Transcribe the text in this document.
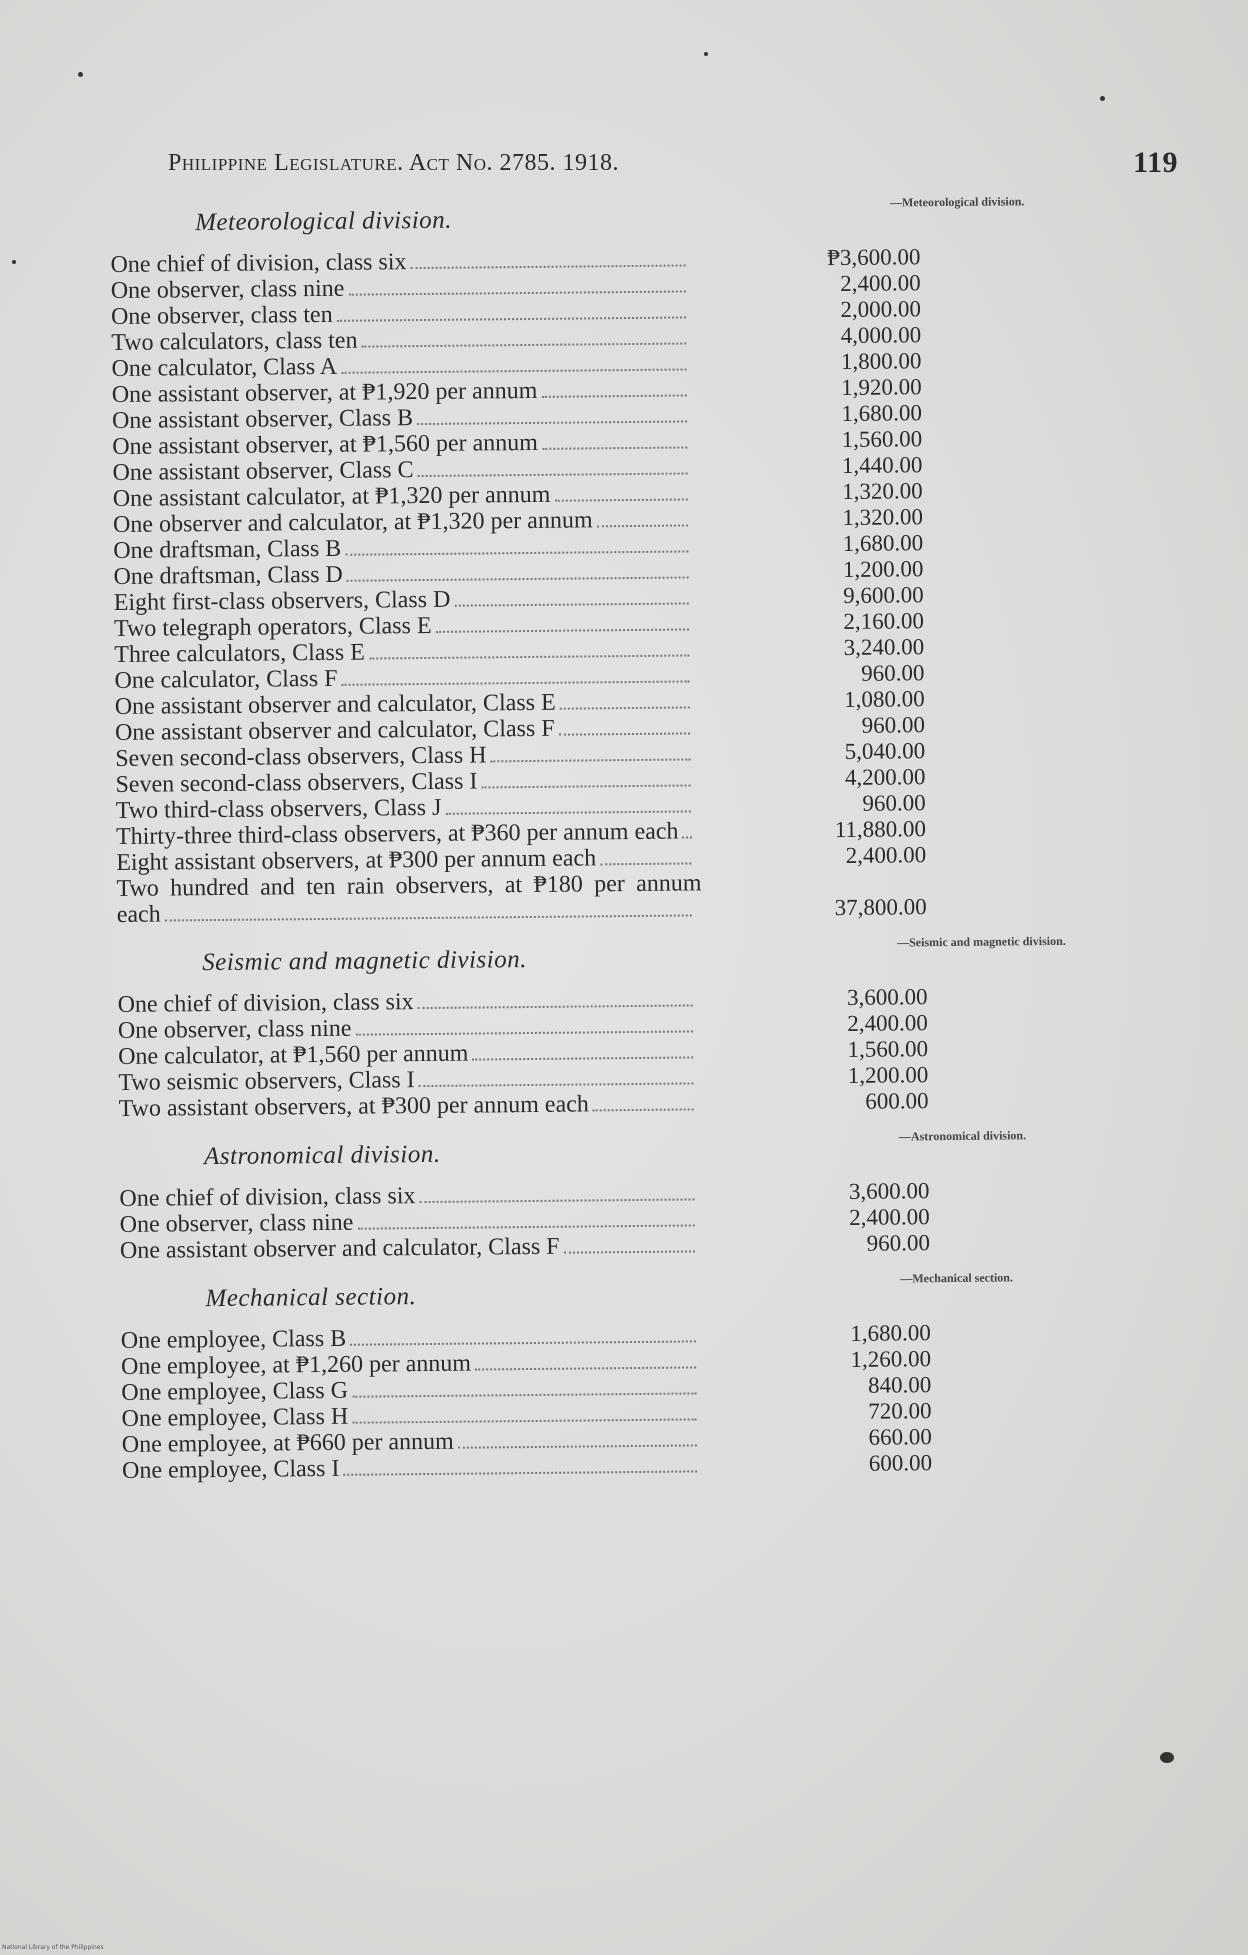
Philippine Legislature. Act No. 2785. 1918.	119
Meteorological division.
—Meteorological division.
One chief of division, class six	₱3,600.00
One observer, class nine	2,400.00
One observer, class ten	2,000.00
Two calculators, class ten	4,000.00
One calculator, Class A	1,800.00
One assistant observer, at ₱1,920 per annum	1,920.00
One assistant observer, Class B	1,680.00
One assistant observer, at ₱1,560 per annum	1,560.00
One assistant observer, Class C	1,440.00
One assistant calculator, at ₱1,320 per annum	1,320.00
One observer and calculator, at ₱1,320 per annum	1,320.00
One draftsman, Class B	1,680.00
One draftsman, Class D	1,200.00
Eight first-class observers, Class D	9,600.00
Two telegraph operators, Class E	2,160.00
Three calculators, Class E	3,240.00
One calculator, Class F	960.00
One assistant observer and calculator, Class E	1,080.00
One assistant observer and calculator, Class F	960.00
Seven second-class observers, Class H	5,040.00
Seven second-class observers, Class I	4,200.00
Two third-class observers, Class J	960.00
Thirty-three third-class observers, at ₱360 per annum each	11,880.00
Eight assistant observers, at ₱300 per annum each	2,400.00
Two hundred and ten rain observers, at ₱180 per annum each	37,800.00
Seismic and magnetic division.
—Seismic and magnetic division.
One chief of division, class six	3,600.00
One observer, class nine	2,400.00
One calculator, at ₱1,560 per annum	1,560.00
Two seismic observers, Class I	1,200.00
Two assistant observers, at ₱300 per annum each	600.00
Astronomical division.
—Astronomical division.
One chief of division, class six	3,600.00
One observer, class nine	2,400.00
One assistant observer and calculator, Class F	960.00
Mechanical section.
—Mechanical section.
One employee, Class B	1,680.00
One employee, at ₱1,260 per annum	1,260.00
One employee, Class G	840.00
One employee, Class H	720.00
One employee, at ₱660 per annum	660.00
One employee, Class I	600.00
National Library of the Philippines
